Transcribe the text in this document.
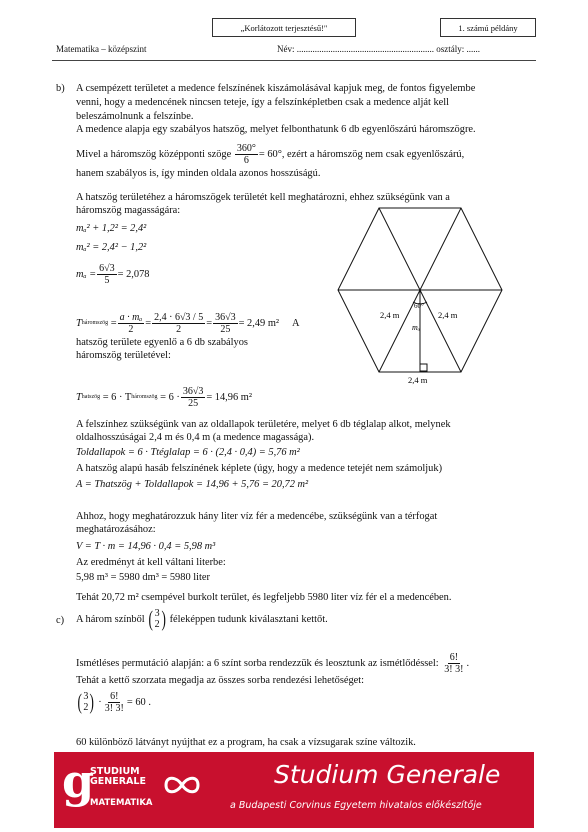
„Korlátozott terjesztésű!"	1. számú példány
Matematika – középszint	Név: ............................................................. osztály: ......
b) A csempézett területet a medence felszínének kiszámolásával kapjuk meg, de fontos figyelembe
venni, hogy a medencének nincsen teteje, így a felszínképletben csak a medence alját kell
beleszámolnunk a felszínbe.
A medence alapja egy szabályos hatszög, melyet felbonthatunk 6 db egyenlőszárú háromszögre.
Mivel a háromszög középponti szöge
$\frac{360^\circ}{6} = 60^\circ$, ezért a háromszög nem csak egyenlőszárú,
hanem szabályos is, így minden oldala azonos hosszúságú.
A hatszög területéhez a háromszögek területét kell meghatározni, ehhez szükségünk van a
háromszög magasságára:
mₐ² + 1,2² = 2,4²
mₐ² = 2,4² − 1,2²
$m_a = \frac{6√3}{5} = 2,078$
T háromszög = $\frac{\text{a · mₐ}}{2} = \frac{2,4 \cdot 6√3 / 5}{2} = \frac{36√3}{25} = 2,49$ m²
A
hatszög területe egyenlő a 6 db szabályos
háromszög területével:
T hatszög
= 6 · T háromszög = $6 \cdot \frac{36√3}{25} = 14,96$ m²
A felszínhez szükségünk van az oldallapok területére, melyet 6 db téglalap alkot, melynek
oldalhosszúságai 2,4 m és 0,4 m (a medence magassága).
Toldallapok = 6 · Ttéglalap = 6 · (2,4 · 0,4) = 5,76 m²
A hatszög alapú hasáb felszínének képlete (úgy, hogy a medence tetejét nem számoljuk)
A = Thatszög + Toldallapok = 14,96 + 5,76 = 20,72 m²
Ahhoz, hogy meghatározzuk hány liter víz fér a medencébe, szükségünk van a térfogat
meghatározásához:
V = T · m = 14,96 · 0,4 = 5,98 m³
Az eredményt át kell váltani literbe:
5,98 m³ = 5980 dm³ = 5980 liter
Tehát 20,72 m² csempével burkolt terület, és legfeljebb 5980 liter víz fér el a medencében.
2,4 m	2,4 m
mₐ
60°
2,4 m
c) A három színből
( 3
2 )
féleképpen tudunk kiválasztani kettőt.
Ismétléses permutáció alapján: a 6 színt sorba rendezzük és leosztunk az ismétlődéssel:
$\frac{6!}{3! 3!}$ .
Tehát a kettő szorzata megadja az összes sorba rendezési lehetőséget:
( 3
2 ) · $\frac{6!}{3! 3!} = 60$ .
60 különböző látványt nyújthat ez a program, ha csak a vízsugarak színe változik.
g
STUDIUM
GENERALE
MATEMATIKA
Studium Generale
a Budapesti Corvinus Egyetem hivatalos előkészítője
